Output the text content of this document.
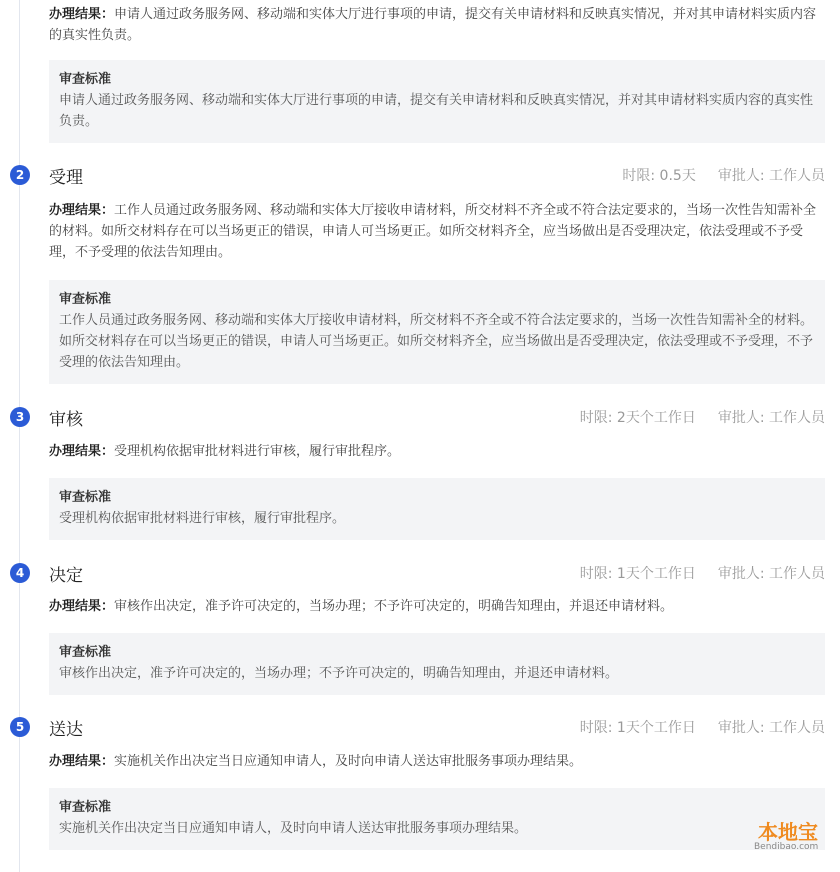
办理结果：申请人通过政务服务网、移动端和实体大厅进行事项的申请，提交有关申请材料和反映真实情况，并对其申请材料实质内容的真实性负责。
审查标准
申请人通过政务服务网、移动端和实体大厅进行事项的申请，提交有关申请材料和反映真实情况，并对其申请材料实质内容的真实性负责。
2	受理	时限: 0.5天 审批人: 工作人员
办理结果：工作人员通过政务服务网、移动端和实体大厅接收申请材料，所交材料不齐全或不符合法定要求的，当场一次性告知需补全的材料。如所交材料存在可以当场更正的错误，申请人可当场更正。如所交材料齐全，应当场做出是否受理决定，依法受理或不予受理，不予受理的依法告知理由。
审查标准
工作人员通过政务服务网、移动端和实体大厅接收申请材料，所交材料不齐全或不符合法定要求的，当场一次性告知需补全的材料。如所交材料存在可以当场更正的错误，申请人可当场更正。如所交材料齐全，应当场做出是否受理决定，依法受理或不予受理，不予受理的依法告知理由。
3	审核	时限: 2天个工作日 审批人: 工作人员
办理结果：受理机构依据审批材料进行审核，履行审批程序。
审查标准
受理机构依据审批材料进行审核，履行审批程序。
4	决定	时限: 1天个工作日 审批人: 工作人员
办理结果：审核作出决定，准予许可决定的，当场办理；不予许可决定的，明确告知理由，并退还申请材料。
审查标准
审核作出决定，准予许可决定的，当场办理；不予许可决定的，明确告知理由，并退还申请材料。
5	送达	时限: 1天个工作日 审批人: 工作人员
办理结果：实施机关作出决定当日应通知申请人，及时向申请人送达审批服务事项办理结果。
审查标准
实施机关作出决定当日应通知申请人，及时向申请人送达审批服务事项办理结果。	本地宝
Bendibao.com
